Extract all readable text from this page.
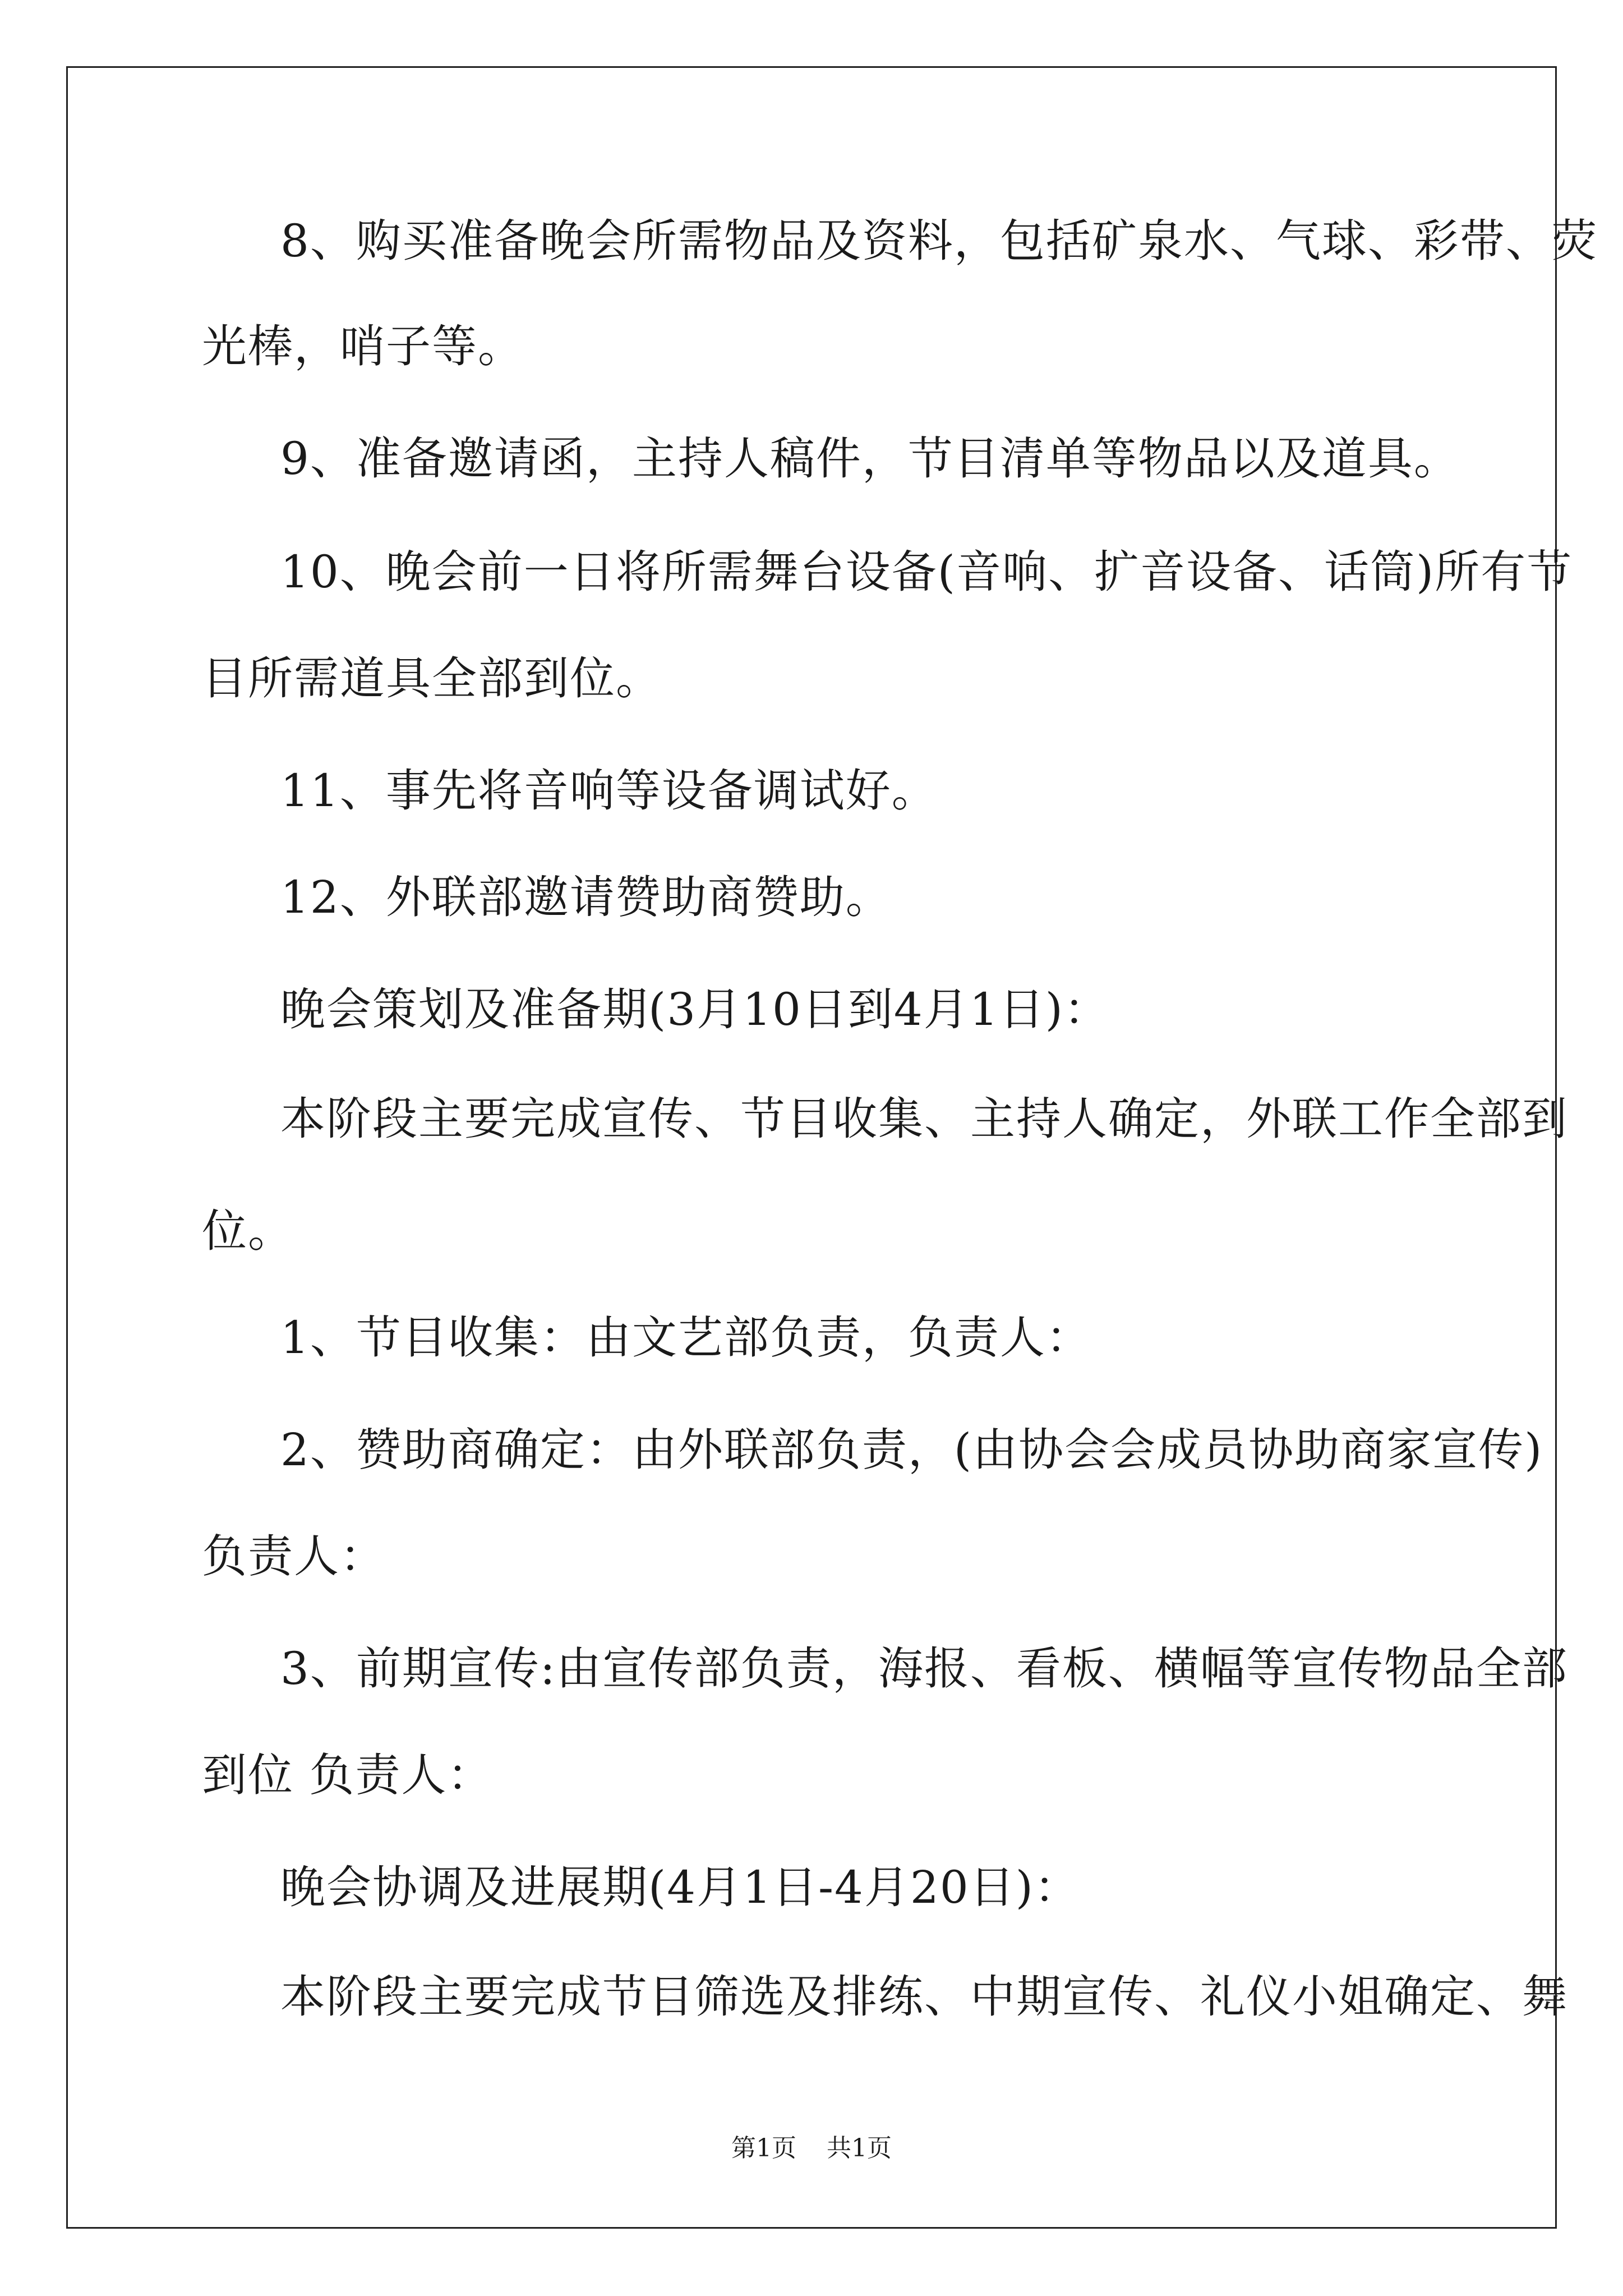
8、购买准备晚会所需物品及资料，包括矿泉水、气球、彩带、荧
光棒，哨子等。
9、准备邀请函，主持人稿件，节目清单等物品以及道具。
10、晚会前一日将所需舞台设备(音响、扩音设备、话筒)所有节
目所需道具全部到位。
11、事先将音响等设备调试好。
12、外联部邀请赞助商赞助。
晚会策划及准备期(3月10日到4月1日)：
本阶段主要完成宣传、节目收集、主持人确定，外联工作全部到
位。
1、节目收集：由文艺部负责，负责人：
2、赞助商确定：由外联部负责，(由协会会成员协助商家宣传)
负责人：
3、前期宣传:由宣传部负责，海报、看板、横幅等宣传物品全部
到位 负责人：
晚会协调及进展期(4月1日-4月20日)：
本阶段主要完成节目筛选及排练、中期宣传、礼仪小姐确定、舞
第1页 共1页
